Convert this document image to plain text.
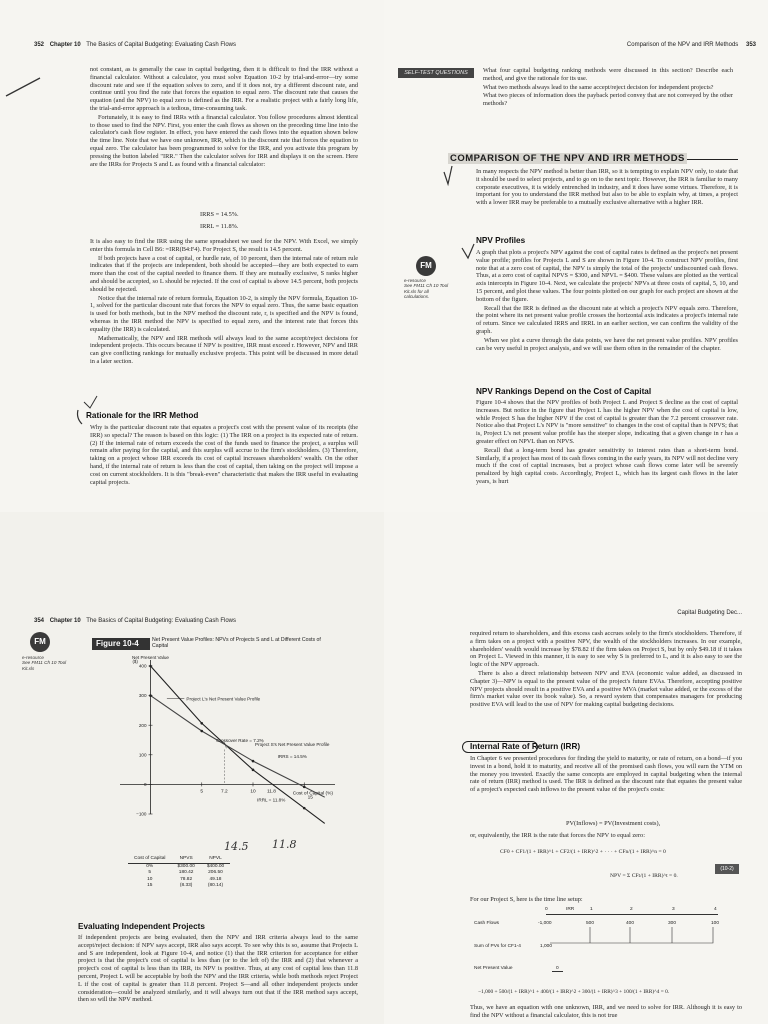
352 Chapter 10 The Basics of Capital Budgeting: Evaluating Cash Flows

not constant, as is generally the case in capital budgeting, then it is difficult to find the IRR without a financial calculator. Without a calculator, you must solve Equation 10-2 by trial-and-error—try some discount rate and see if the equation solves to zero, and if it does not, try a different discount rate, and continue until you find the rate that forces the equation to equal zero. The discount rate that causes the equation (and the NPV) to equal zero is defined as the IRR. For a realistic project with a fairly long life, the trial-and-error approach is a tedious, time-consuming task.

Fortunately, it is easy to find IRRs with a financial calculator. You follow procedures almost identical to those used to find the NPV. First, you enter the cash flows as shown on the preceding time line into the calculator's cash flow register. In effect, you have entered the cash flows into the equation shown below the time line. Note that we have one unknown, IRR, which is the discount rate that forces the equation to equal zero. The calculator has been programmed to solve for the IRR, and you activate this program by pressing the button labeled "IRR." Then the calculator solves for IRR and displays it on the screen. Here are the IRRs for Projects S and L as found with a financial calculator:

IRRS = 14.5%.
IRRL = 11.8%.

It is also easy to find the IRR using the same spreadsheet we used for the NPV. With Excel, we simply enter this formula in Cell B6: =IRR(B4:F4). For Project S, the result is 14.5 percent.

If both projects have a cost of capital, or hurdle rate, of 10 percent, then the internal rate of return rule indicates that if the projects are independent, both should be accepted—they are both expected to earn more than the cost of the capital needed to finance them. If they are mutually exclusive, S ranks higher and should be accepted, so L should be rejected. If the cost of capital is above 14.5 percent, both projects should be rejected.

Notice that the internal rate of return formula, Equation 10-2, is simply the NPV formula, Equation 10-1, solved for the particular discount rate that forces the NPV to equal zero. Thus, the same basic equation is used for both methods, but in the NPV method the discount rate, r, is specified and the NPV is found, whereas in the IRR method the NPV is specified to equal zero, and the interest rate that forces this equality (the IRR) is calculated.

Mathematically, the NPV and IRR methods will always lead to the same accept/reject decisions for independent projects. This occurs because if NPV is positive, IRR must exceed r. However, NPV and IRR can give conflicting rankings for mutually exclusive projects. This point will be discussed in more detail in a later section.

Rationale for the IRR Method

Why is the particular discount rate that equates a project's cost with the present value of its receipts (the IRR) so special? The reason is based on this logic: (1) The IRR on a project is its expected rate of return. (2) If the internal rate of return exceeds the cost of the funds used to finance the project, a surplus will remain after paying for the capital, and this surplus will accrue to the firm's stockholders. (3) Therefore, taking on a project whose IRR exceeds its cost of capital increases shareholders' wealth. On the other hand, if the internal rate of return is less than the cost of capital, then taking on the project will impose a cost on current stockholders. It is this "break-even" characteristic that makes the IRR useful in evaluating capital projects.

Comparison of the NPV and IRR Methods 353
SELF-TEST QUESTIONS	What four capital budgeting ranking methods were discussed in this section? Describe each method, and give the rationale for its use.

What two methods always lead to the same accept/reject decision for independent projects?

What two pieces of information does the payback period convey that are not conveyed by the other methods?

COMPARISON OF THE NPV AND IRR METHODS

In many respects the NPV method is better than IRR, so it is tempting to explain NPV only, to state that it should be used to select projects, and to go on to the next topic. However, the IRR is familiar to many corporate executives, it is widely entrenched in industry, and it does have some virtues. Therefore, it is important for you to understand the IRR method but also to be able to explain why, at times, a project with a lower IRR may be preferable to a mutually exclusive alternative with a higher IRR.

FM
e-resource
See FM11 Ch 10 Tool Kit.xls for all calculations.
NPV Profiles

A graph that plots a project's NPV against the cost of capital rates is defined as the project's net present value profile; profiles for Projects L and S are shown in Figure 10-4. To construct NPV profiles, first note that at a zero cost of capital, the NPV is simply the total of the projects' undiscounted cash flows. Thus, at a zero cost of capital NPVS = $300, and NPVL = $400. These values are plotted as the vertical axis intercepts in Figure 10-4. Next, we calculate the projects' NPVs at three costs of capital, 5, 10, and 15 percent, and plot these values. The four points plotted on our graph for each project are shown at the bottom of the figure.

Recall that the IRR is defined as the discount rate at which a project's NPV equals zero. Therefore, the point where its net present value profile crosses the horizontal axis indicates a project's internal rate of return. Since we calculated IRRS and IRRL in an earlier section, we can confirm the validity of the graph.

When we plot a curve through the data points, we have the net present value profiles. NPV profiles can be very useful in project analysis, and we will use them often in the remainder of the chapter.

NPV Rankings Depend on the Cost of Capital

Figure 10-4 shows that the NPV profiles of both Project L and Project S decline as the cost of capital increases. But notice in the figure that Project L has the higher NPV when the cost of capital is low, while Project S has the higher NPV if the cost of capital is greater than the 7.2 percent crossover rate. Notice also that Project L's NPV is "more sensitive" to changes in the cost of capital than is NPVS; that is, Project L's net present value profile has the steeper slope, indicating that a given change in r has a greater effect on NPVL than on NPVS.

Recall that a long-term bond has greater sensitivity to interest rates than a short-term bond. Similarly, if a project has most of its cash flows coming in the early years, its NPV will not decline very much if the cost of capital increases, but a project whose cash flows come later will be severely penalized by high capital costs. Accordingly, Project L, which has its largest cash flows in the later years, is hurt

354 Chapter 10 The Basics of Capital Budgeting: Evaluating Cash Flows
FM
e-resource
See FM11 Ch 10 Tool Kit.xls
Figure 10-4	Net Present Value Profiles: NPVs of Projects S and L at Different Costs of Capital
Net Present Value
Cost of Capital (%)
−100
0
100
200
300
400
5	10
15
7.2	11.8
($)
Project L's Net Present Value Profile
Project S's Net Present Value Profile
Crossover Rate = 7.2%
IRRS = 14.5%
IRRL = 11.8%
14.5 11.8
Cost of Capital	NPVS	NPVL
0%	$300.00	$400.00
5	180.42	206.50
10	78.82	49.18
15	(8.33)	(80.14)
Evaluating Independent Projects

If independent projects are being evaluated, then the NPV and IRR criteria always lead to the same accept/reject decision: if NPV says accept, IRR also says accept. To see why this is so, assume that Projects L and S are independent, look at Figure 10-4, and notice (1) that the IRR criterion for acceptance for either project is that the project's cost of capital is less than (or to the left of) the IRR and (2) that whenever a project's cost of capital is less than its IRR, its NPV is positive. Thus, at any cost of capital less than 11.8 percent, Project L will be acceptable by both the NPV and the IRR criteria, while both methods reject Project L if the cost of capital is greater than 11.8 percent. Project S—and all other independent projects under consideration—could be analyzed similarly, and it will always turn out that if the IRR method says accept, then so will the NPV method.

Capital Budgeting Dec...

required return to shareholders, and this excess cash accrues solely to the firm's stockholders. Therefore, if a firm takes on a project with a positive NPV, the wealth of the stockholders increases. In our example, shareholders' wealth would increase by $78.82 if the firm takes on Project S, but by only $49.18 if it takes on Project L. Viewed in this manner, it is easy to see why S is preferred to L, and it is also easy to see the logic of the NPV approach.

There is also a direct relationship between NPV and EVA (economic value added, as discussed in Chapter 3)—NPV is equal to the present value of the project's future EVAs. Therefore, accepting positive NPV projects should result in a positive EVA and a positive MVA (market value added, or the excess of the firm's market value over its book value). So, a reward system that compensates managers for producing positive EVA will lead to the use of NPV for making capital budgeting decisions.

Internal Rate of Return (IRR)

In Chapter 6 we presented procedures for finding the yield to maturity, or rate of return, on a bond—if you invest in a bond, hold it to maturity, and receive all of the promised cash flows, you will earn the YTM on the money you invested. Exactly the same concepts are employed in capital budgeting when the internal rate of return (IRR) method is used. The IRR is defined as the discount rate that equates the present value of a project's expected cash inflows to the present value of the project's costs:

PV(Inflows) = PV(Investment costs),
or, equivalently, the IRR is the rate that forces the NPV to equal zero:
CF0 + CF1/(1 + IRR)^1 + CF2/(1 + IRR)^2 + · · · + CFn/(1 + IRR)^n = 0
NPV = Σ CFt/(1 + IRR)^t = 0.
(10-2)
For our Project S, here is the time line setup:
0	IRR	1	2	3	4
Cash Flows	-1,000	500	400	300	100
Sum of PVs for CF1-4	1,000
Net Present Value	0
−1,000 + 500/(1 + IRR)^1 + 400/(1 + IRR)^2 + 300/(1 + IRR)^3 + 100/(1 + IRR)^4 = 0.
Thus, we have an equation with one unknown, IRR, and we need to solve for IRR. Although it is easy to find the NPV without a financial calculator, this is not true
